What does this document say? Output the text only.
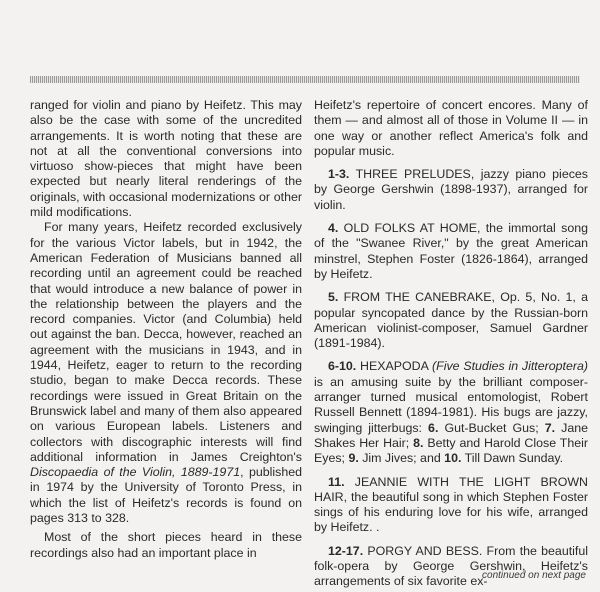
ranged for violin and piano by Heifetz. This may also be the case with some of the uncredited arrangements. It is worth noting that these are not at all the conventional conversions into virtuoso show-pieces that might have been expected but nearly literal renderings of the originals, with occasional modernizations or other mild modifications.

For many years, Heifetz recorded exclusively for the various Victor labels, but in 1942, the American Federation of Musicians banned all recording until an agreement could be reached that would introduce a new balance of power in the relationship between the players and the record companies. Victor (and Columbia) held out against the ban. Decca, however, reached an agreement with the musicians in 1943, and in 1944, Heifetz, eager to return to the recording studio, began to make Decca records. These recordings were issued in Great Britain on the Brunswick label and many of them also appeared on various European labels. Listeners and collectors with discographic interests will find additional information in James Creighton's Discopaedia of the Violin, 1889-1971, published in 1974 by the University of Toronto Press, in which the list of Heifetz's records is found on pages 313 to 328.

Most of the short pieces heard in these recordings also had an important place in

Heifetz's repertoire of concert encores. Many of them — and almost all of those in Volume II — in one way or another reflect America's folk and popular music.

1-3. THREE PRELUDES, jazzy piano pieces by George Gershwin (1898-1937), arranged for violin.

4. OLD FOLKS AT HOME, the immortal song of the "Swanee River," by the great American minstrel, Stephen Foster (1826-1864), arranged by Heifetz.

5. FROM THE CANEBRAKE, Op. 5, No. 1, a popular syncopated dance by the Russian-born American violinist-composer, Samuel Gardner (1891-1984).

6-10. HEXAPODA (Five Studies in Jitteroptera) is an amusing suite by the brilliant composer-arranger turned musical entomologist, Robert Russell Bennett (1894-1981). His bugs are jazzy, swinging jitterbugs: 6. Gut-Bucket Gus; 7. Jane Shakes Her Hair; 8. Betty and Harold Close Their Eyes; 9. Jim Jives; and 10. Till Dawn Sunday.

11. JEANNIE WITH THE LIGHT BROWN HAIR, the beautiful song in which Stephen Foster sings of his enduring love for his wife, arranged by Heifetz. .

12-17. PORGY AND BESS. From the beautiful folk-opera by George Gershwin, Heifetz's arrangements of six favorite ex-

continued on next page
